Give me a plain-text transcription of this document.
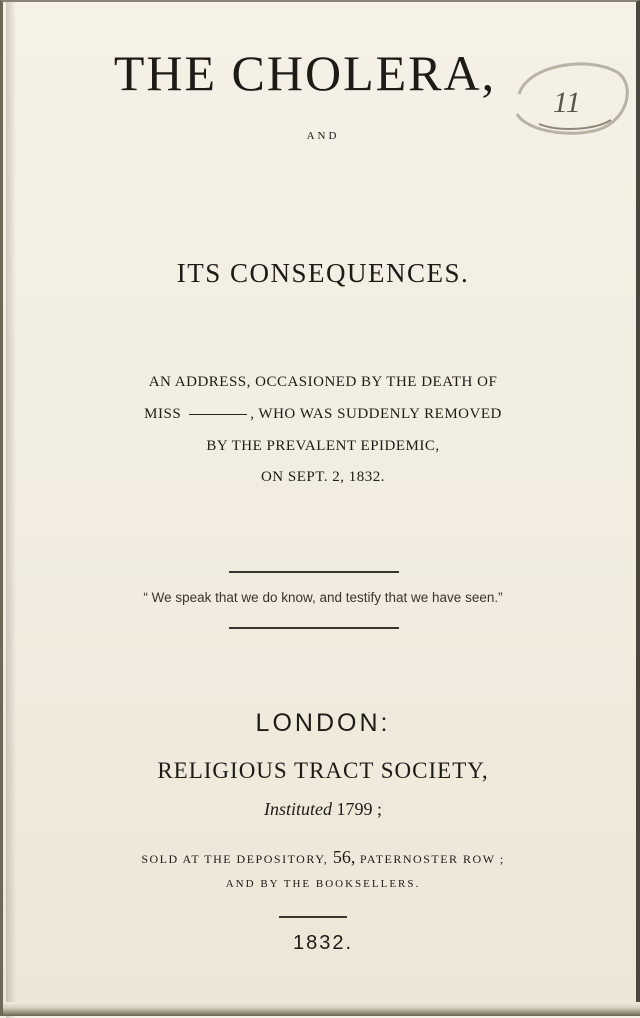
THE CHOLERA,
11
AND
ITS CONSEQUENCES.
AN ADDRESS, OCCASIONED BY THE DEATH OF
MISS	, WHO WAS SUDDENLY REMOVED
BY THE PREVALENT EPIDEMIC,
ON SEPT. 2, 1832.
“ We speak that we do know, and testify that we have seen.”
LONDON:
RELIGIOUS TRACT SOCIETY,
Instituted 1799 ;
SOLD AT THE DEPOSITORY, 56, PATERNOSTER ROW ;
AND BY THE BOOKSELLERS.
1832.
